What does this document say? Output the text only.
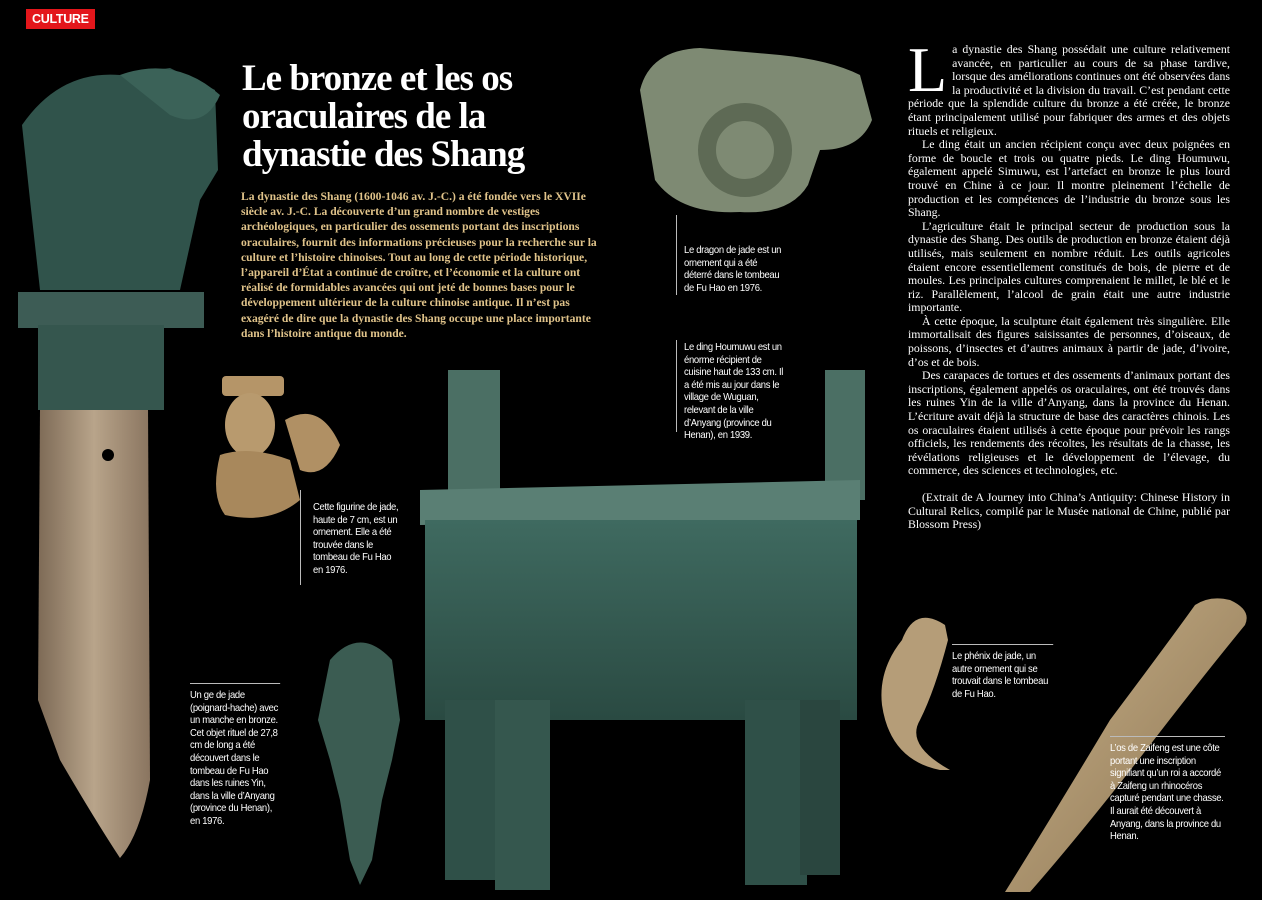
CULTURE
Le bronze et les os
oraculaires de la
dynastie des Shang

La dynastie des Shang (1600-1046 av. J.-C.) a été fondée vers le XVIIe siècle av. J.-C. La découverte d’un grand nombre de vestiges archéologiques, en particulier des ossements portant des inscriptions oraculaires, fournit des informations précieuses pour la recherche sur la culture et l’histoire chinoises. Tout au long de cette période historique, l’appareil d’État a continué de croître, et l’économie et la culture ont réalisé de formidables avancées qui ont jeté de bonnes bases pour le développement ultérieur de la culture chinoise antique. Il n’est pas exagéré de dire que la dynastie des Shang occupe une place importante dans l’histoire antique du monde.

La dynastie des Shang possédait une culture relativement avancée, en particulier au cours de sa phase tardive, lorsque des améliorations continues ont été observées dans la productivité et la division du travail. C’est pendant cette période que la splendide culture du bronze a été créée, le bronze étant principalement utilisé pour fabriquer des armes et des objets rituels et religieux.

Le ding était un ancien récipient conçu avec deux poignées en forme de boucle et trois ou quatre pieds. Le ding Houmuwu, également appelé Simuwu, est l’artefact en bronze le plus lourd trouvé en Chine à ce jour. Il montre pleinement l’échelle de production et les compétences de l’industrie du bronze sous les Shang.

L’agriculture était le principal secteur de production sous la dynastie des Shang. Des outils de production en bronze étaient déjà utilisés, mais seulement en nombre réduit. Les outils agricoles étaient encore essentiellement constitués de bois, de pierre et de moules. Les principales cultures comprenaient le millet, le blé et le riz. Parallèlement, l’alcool de grain était une autre industrie importante.

À cette époque, la sculpture était également très singulière. Elle immortalisait des figures saisissantes de personnes, d’oiseaux, de poissons, d’insectes et d’autres animaux à partir de jade, d’ivoire, d’os et de bois.

Des carapaces de tortues et des ossements d’animaux portant des inscriptions, également appelés os oraculaires, ont été trouvés dans les ruines Yin de la ville d’Anyang, dans la province du Henan. L’écriture avait déjà la structure de base des caractères chinois. Les os oraculaires étaient utilisés à cette époque pour prévoir les rangs officiels, les rendements des récoltes, les résultats de la chasse, les révélations religieuses et le développement de l’élevage, du commerce, des sciences et technologies, etc.

(Extrait de A Journey into China’s Antiquity: Chinese History in Cultural Relics, compilé par le Musée national de Chine, publié par Blossom Press)

Le dragon de jade est un ornement qui a été déterré dans le tombeau de Fu Hao en 1976.
Le ding Houmuwu est un énorme récipient de cuisine haut de 133 cm. Il a été mis au jour dans le village de Wuguan, relevant de la ville d’Anyang (province du Henan), en 1939.
Cette figurine de jade, haute de 7 cm, est un ornement. Elle a été trouvée dans le tombeau de Fu Hao en 1976.
Un ge de jade (poignard-hache) avec un manche en bronze. Cet objet rituel de 27,8 cm de long a été découvert dans le tombeau de Fu Hao dans les ruines Yin, dans la ville d’Anyang (province du Henan), en 1976.
Le phénix de jade, un autre ornement qui se trouvait dans le tombeau de Fu Hao.
L’os de Zaifeng est une côte portant une inscription signifiant qu’un roi a accordé à Zaifeng un rhinocéros capturé pendant une chasse. Il aurait été découvert à Anyang, dans la province du Henan.
